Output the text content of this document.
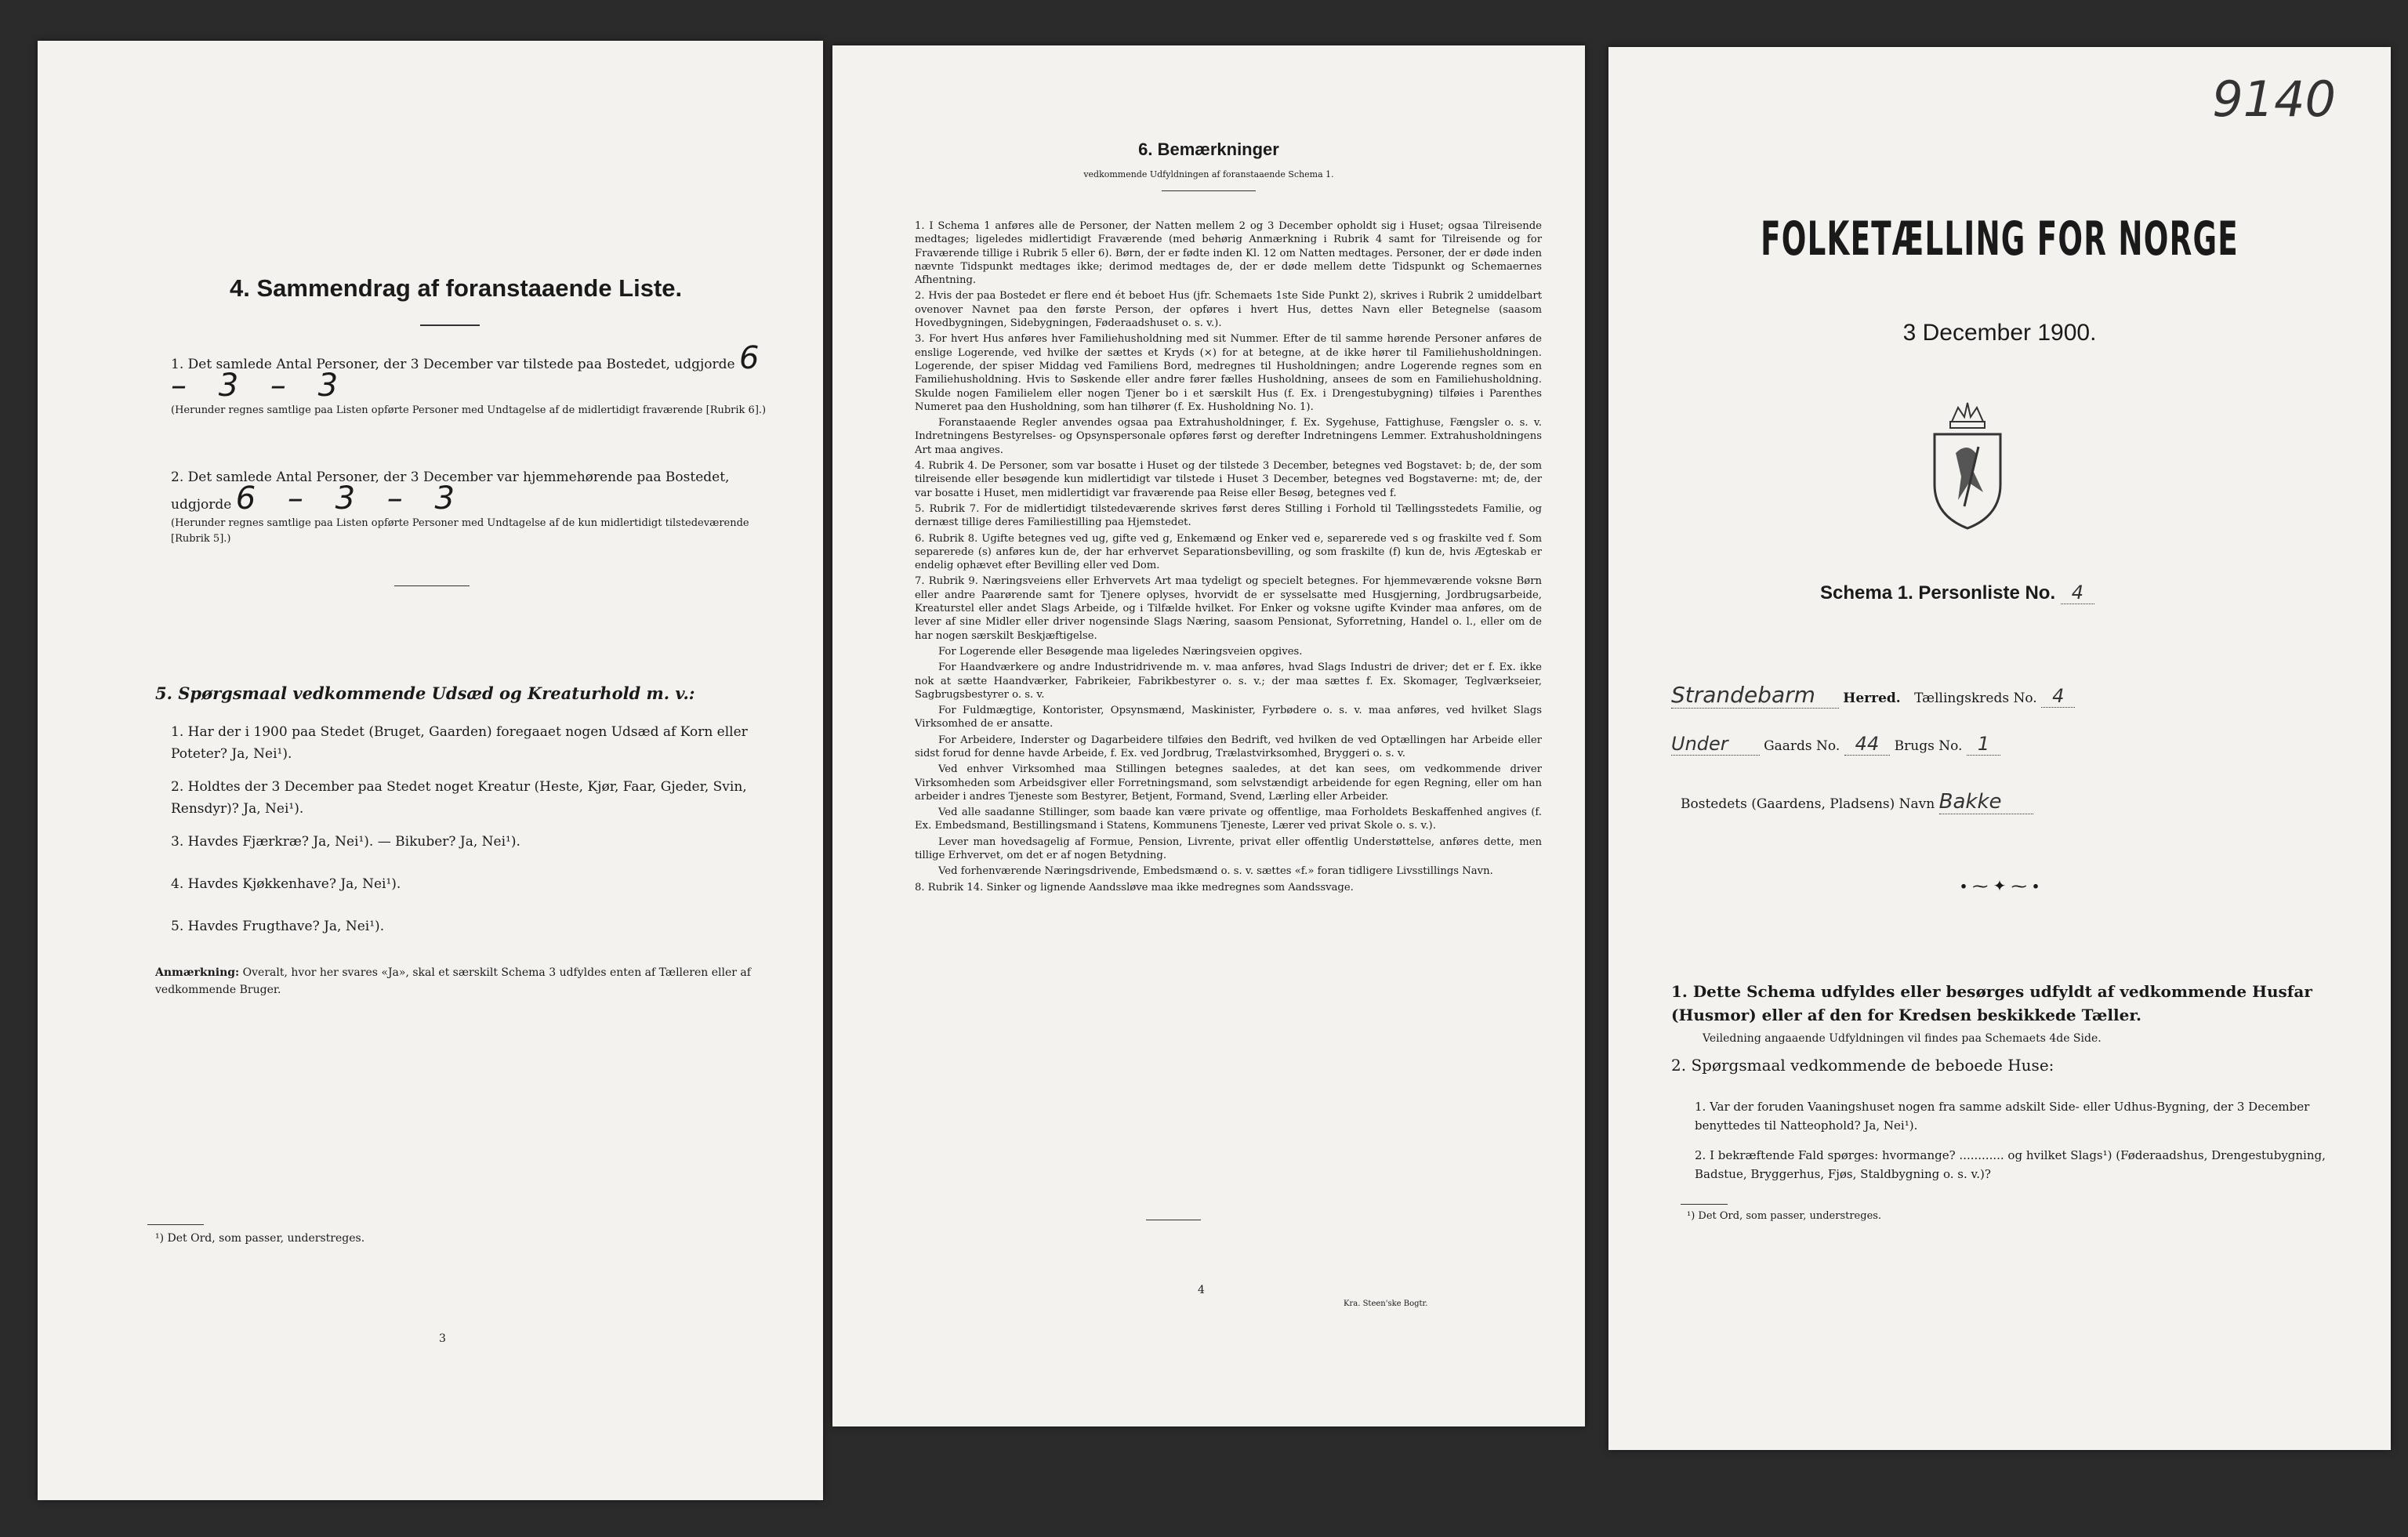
4. Sammendrag af foranstaaende Liste.
1. Det samlede Antal Personer, der 3 December var tilstede paa Bostedet, udgjorde 6 – 3 – 3
(Herunder regnes samtlige paa Listen opførte Personer med Undtagelse af de midlertidigt fraværende [Rubrik 6].)
2. Det samlede Antal Personer, der 3 December var hjemmehørende paa Bostedet, udgjorde 6 – 3 – 3
(Herunder regnes samtlige paa Listen opførte Personer med Undtagelse af de kun midlertidigt tilstedeværende [Rubrik 5].)
5. Spørgsmaal vedkommende Udsæd og Kreaturhold m. v.:
1. Har der i 1900 paa Stedet (Bruget, Gaarden) foregaaet nogen Udsæd af Korn eller Poteter? Ja, Nei¹).
2. Holdtes der 3 December paa Stedet noget Kreatur (Heste, Kjør, Faar, Gjeder, Svin, Rensdyr)? Ja, Nei¹).
3. Havdes Fjærkræ? Ja, Nei¹). — Bikuber? Ja, Nei¹).
4. Havdes Kjøkkenhave? Ja, Nei¹).
5. Havdes Frugthave? Ja, Nei¹).
Anmærkning: Overalt, hvor her svares «Ja», skal et særskilt Schema 3 udfyldes enten af Tælleren eller af vedkommende Bruger.
¹) Det Ord, som passer, understreges.
3
6. Bemærkninger
vedkommende Udfyldningen af foranstaaende Schema 1.
1. I Schema 1 anføres alle de Personer, der Natten mellem 2 og 3 December opholdt sig i Huset; ogsaa Tilreisende medtages; ligeledes midlertidigt Fraværende (med behørig Anmærkning i Rubrik 4 samt for Tilreisende og for Fraværende tillige i Rubrik 5 eller 6). Børn, der er fødte inden Kl. 12 om Natten medtages. Personer, der er døde inden nævnte Tidspunkt medtages ikke; derimod medtages de, der er døde mellem dette Tidspunkt og Schemaernes Afhentning.
2. Hvis der paa Bostedet er flere end ét beboet Hus (jfr. Schemaets 1ste Side Punkt 2), skrives i Rubrik 2 umiddelbart ovenover Navnet paa den første Person, der opføres i hvert Hus, dettes Navn eller Betegnelse (saasom Hovedbygningen, Sidebygningen, Føderaadshuset o. s. v.).
3. For hvert Hus anføres hver Familiehusholdning med sit Nummer. Efter de til samme hørende Personer anføres de enslige Logerende, ved hvilke der sættes et Kryds (×) for at betegne, at de ikke hører til Familiehusholdningen. Logerende, der spiser Middag ved Familiens Bord, medregnes til Husholdningen; andre Logerende regnes som en Familiehusholdning. Hvis to Søskende eller andre fører fælles Husholdning, ansees de som en Familiehusholdning. Skulde nogen Familielem eller nogen Tjener bo i et særskilt Hus (f. Ex. i Drengestubygning) tilføies i Parenthes Numeret paa den Husholdning, som han tilhører (f. Ex. Husholdning No. 1).
Foranstaaende Regler anvendes ogsaa paa Extrahusholdninger, f. Ex. Sygehuse, Fattighuse, Fængsler o. s. v. Indretningens Bestyrelses- og Opsynspersonale opføres først og derefter Indretningens Lemmer. Extrahusholdningens Art maa angives.
4. Rubrik 4. De Personer, som var bosatte i Huset og der tilstede 3 December, betegnes ved Bogstavet: b; de, der som tilreisende eller besøgende kun midlertidigt var tilstede i Huset 3 December, betegnes ved Bogstaverne: mt; de, der var bosatte i Huset, men midlertidigt var fraværende paa Reise eller Besøg, betegnes ved f.
5. Rubrik 7. For de midlertidigt tilstedeværende skrives først deres Stilling i Forhold til Tællingsstedets Familie, og dernæst tillige deres Familiestilling paa Hjemstedet.
6. Rubrik 8. Ugifte betegnes ved ug, gifte ved g, Enkemænd og Enker ved e, separerede ved s og fraskilte ved f. Som separerede (s) anføres kun de, der har erhvervet Separationsbevilling, og som fraskilte (f) kun de, hvis Ægteskab er endelig ophævet efter Bevilling eller ved Dom.
7. Rubrik 9. Næringsveiens eller Erhvervets Art maa tydeligt og specielt betegnes. For hjemmeværende voksne Børn eller andre Paarørende samt for Tjenere oplyses, hvorvidt de er sysselsatte med Husgjerning, Jordbrugsarbeide, Kreaturstel eller andet Slags Arbeide, og i Tilfælde hvilket. For Enker og voksne ugifte Kvinder maa anføres, om de lever af sine Midler eller driver nogensinde Slags Næring, saasom Pensionat, Syforretning, Handel o. l., eller om de har nogen særskilt Beskjæftigelse.
For Logerende eller Besøgende maa ligeledes Næringsveien opgives.
For Haandværkere og andre Industridrivende m. v. maa anføres, hvad Slags Industri de driver; det er f. Ex. ikke nok at sætte Haandværker, Fabrikeier, Fabrikbestyrer o. s. v.; der maa sættes f. Ex. Skomager, Teglværkseier, Sagbrugsbestyrer o. s. v.
For Fuldmægtige, Kontorister, Opsynsmænd, Maskinister, Fyrbødere o. s. v. maa anføres, ved hvilket Slags Virksomhed de er ansatte.
For Arbeidere, Inderster og Dagarbeidere tilføies den Bedrift, ved hvilken de ved Optællingen har Arbeide eller sidst forud for denne havde Arbeide, f. Ex. ved Jordbrug, Trælastvirksomhed, Bryggeri o. s. v.
Ved enhver Virksomhed maa Stillingen betegnes saaledes, at det kan sees, om vedkommende driver Virksomheden som Arbeidsgiver eller Forretningsmand, som selvstændigt arbeidende for egen Regning, eller om han arbeider i andres Tjeneste som Bestyrer, Betjent, Formand, Svend, Lærling eller Arbeider.
Ved alle saadanne Stillinger, som baade kan være private og offentlige, maa Forholdets Beskaffenhed angives (f. Ex. Embedsmand, Bestillingsmand i Statens, Kommunens Tjeneste, Lærer ved privat Skole o. s. v.).
Lever man hovedsagelig af Formue, Pension, Livrente, privat eller offentlig Understøttelse, anføres dette, men tillige Erhvervet, om det er af nogen Betydning.
Ved forhenværende Næringsdrivende, Embedsmænd o. s. v. sættes «f.» foran tidligere Livsstillings Navn.
8. Rubrik 14. Sinker og lignende Aandssløve maa ikke medregnes som Aandssvage.
4
Kra. Steen'ske Bogtr.
9140
FOLKETÆLLING FOR NORGE
3 December 1900.
Schema 1. Personliste No. 4
Strandebarm Herred. Tællingskreds No. 4
Under	Gaards No. 44 Brugs No. 1
Bostedets (Gaardens, Pladsens) Navn Bakke
∙ ⁓ ✦ ⁓ ∙
1. Dette Schema udfyldes eller besørges udfyldt af vedkommende Husfar (Husmor) eller af den for Kredsen beskikkede Tæller.
Veiledning angaaende Udfyldningen vil findes paa Schemaets 4de Side.
2. Spørgsmaal vedkommende de beboede Huse:
1. Var der foruden Vaaningshuset nogen fra samme adskilt Side- eller Udhus-Bygning, der 3 December benyttedes til Natteophold? Ja, Nei¹).
2. I bekræftende Fald spørges: hvormange? ............ og hvilket Slags¹) (Føderaadshus, Drengestubygning, Badstue, Bryggerhus, Fjøs, Staldbygning o. s. v.)?
¹) Det Ord, som passer, understreges.
